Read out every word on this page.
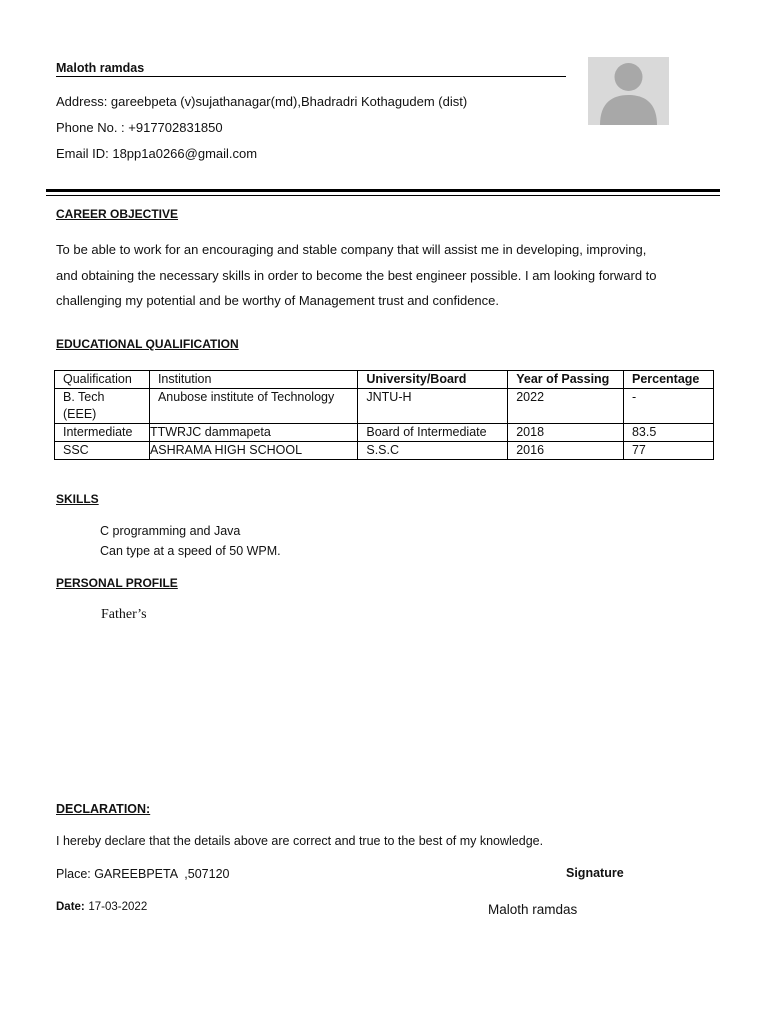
Maloth ramdas
Address: gareebpeta (v)sujathanagar(md),Bhadradri Kothagudem (dist)
Phone No. : +917702831850
Email ID: 18pp1a0266@gmail.com
CAREER OBJECTIVE
To be able to work for an encouraging and stable company that will assist me in developing, improving,
and obtaining the necessary skills in order to become the best engineer possible. I am looking forward to
challenging my potential and be worthy of Management trust and confidence.
EDUCATIONAL QUALIFICATION
Qualification	Institution	University/Board	Year of Passing	Percentage
B. Tech (EEE)	Anubose institute of Technology	JNTU-H	2022	-
Intermediate	TTWRJC dammapeta	Board of Intermediate	2018	83.5
SSC	ASHRAMA HIGH SCHOOL	S.S.C	2016	77
SKILLS
C programming and Java
Can type at a speed of 50 WPM.
PERSONAL PROFILE
Father’s
DECLARATION:
I hereby declare that the details above are correct and true to the best of my knowledge.
Place: GAREEBPETA  ,507120	Signature
Date: 17-03-2022	Maloth ramdas
